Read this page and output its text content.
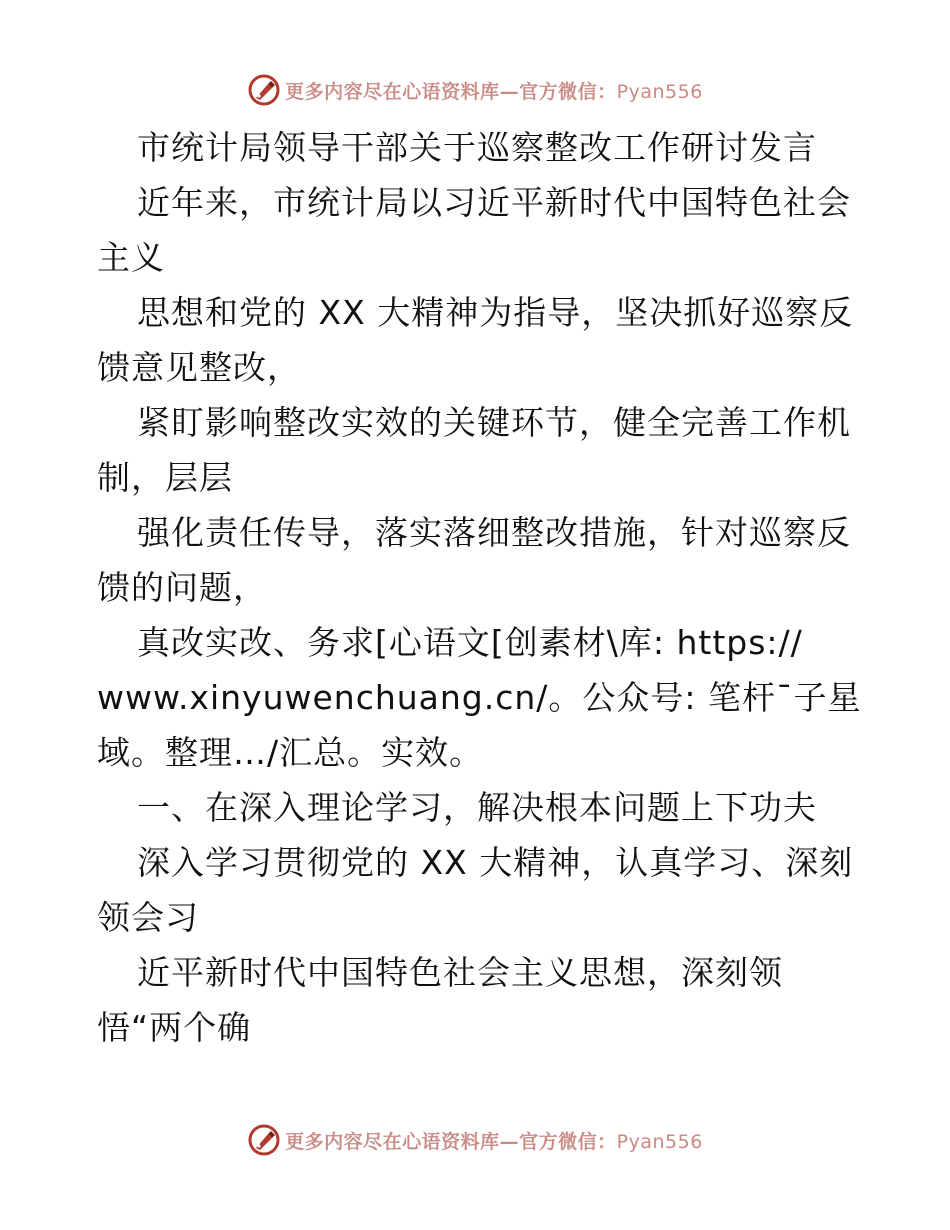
更多内容尽在心语资料库—官方微信：Pyan556
市统计局领导干部关于巡察整改工作研讨发言
近年来，市统计局以习近平新时代中国特色社会
主义
思想和党的 XX 大精神为指导，坚决抓好巡察反
馈意见整改，
紧盯影响整改实效的关键环节，健全完善工作机
制，层层
强化责任传导，落实落细整改措施，针对巡察反
馈的问题，
真改实改、务求[心语文[创素材\库: https://
www.xinyuwenchuang.cn/。公众号: 笔杆¯子星
域。整理…/汇总。实效。
一、在深入理论学习，解决根本问题上下功夫
深入学习贯彻党的 XX 大精神，认真学习、深刻
领会习
近平新时代中国特色社会主义思想，深刻领
悟“两个确
更多内容尽在心语资料库—官方微信：Pyan556
